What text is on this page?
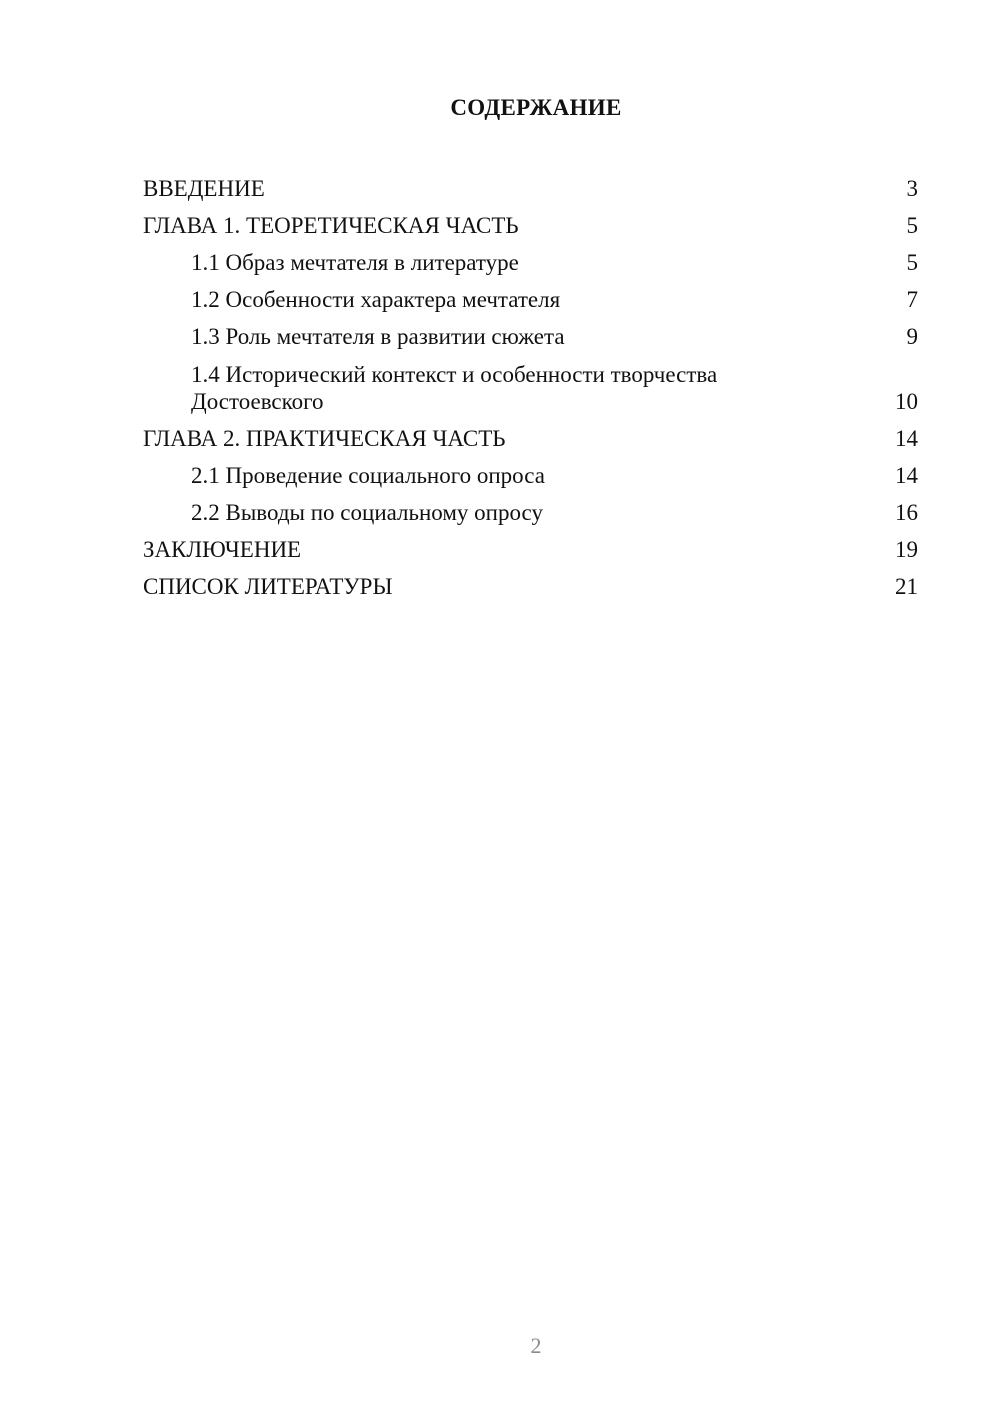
СОДЕРЖАНИЕ
ВВЕДЕНИЕ	3
ГЛАВА 1. ТЕОРЕТИЧЕСКАЯ ЧАСТЬ	5
1.1 Образ мечтателя в литературе	5
1.2 Особенности характера мечтателя	7
1.3 Роль мечтателя в развитии сюжета	9
1.4 Исторический контекст и особенности творчества Достоевского	10
ГЛАВА 2. ПРАКТИЧЕСКАЯ ЧАСТЬ	14
2.1 Проведение социального опроса	14
2.2 Выводы по социальному опросу	16
ЗАКЛЮЧЕНИЕ	19
СПИСОК ЛИТЕРАТУРЫ	21
2
